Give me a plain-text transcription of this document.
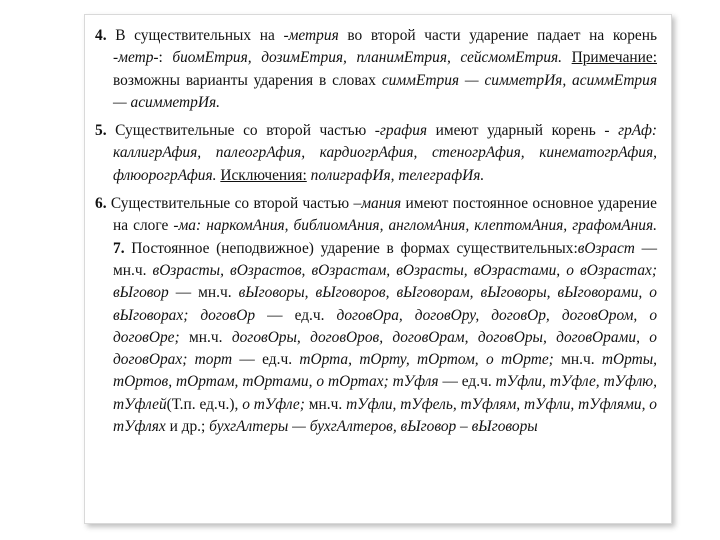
4. В существительных на -метрия во второй части ударение падает на корень -метр-: биомЕтрия, дозимЕтрия, планимЕтрия, сейсмомЕтрия. Примечание: возможны варианты ударения в словах симмЕтрия — симметрИя, асиммЕтрия — асимметрИя.

5. Существительные со второй частью -графия имеют ударный корень - грАф: каллигрАфия, палеогрАфия, кардиогрАфия, стеногрАфия, кинематогрАфия, флюорогрАфия. Исключения: полиграфИя, телеграфИя.

6. Существительные со второй частью –мания имеют постоянное основное ударение на слоге -ма: наркомАния, библиомАния, англомАния, клептомАния, графомАния. 7. Постоянное (неподвижное) ударение в формах существительных:вОзраст — мн.ч. вОзрасты, вОзрастов, вОзрастам, вОзрасты, вОзрастами, о вОзрастах; вЫговор — мн.ч. вЫговоры, вЫговоров, вЫговорам, вЫговоры, вЫговорами, о вЫговорах; договОр — ед.ч. договОра, договОру, договОр, договОром, о договОре; мн.ч. договОры, договОров, договОрам, договОры, договОрами, о договОрах; торт — ед.ч. тОрта, тОрту, тОртом, о тОрте; мн.ч. тОрты, тОртов, тОртам, тОртами, о тОртах; тУфля — ед.ч. тУфли, тУфле, тУфлю, тУфлей(Т.п. ед.ч.), о тУфле; мн.ч. тУфли, тУфель, тУфлям, тУфли, тУфлями, о тУфлях и др.; бухгАлтеры — бухгАлтеров, вЫговор – вЫговоры
